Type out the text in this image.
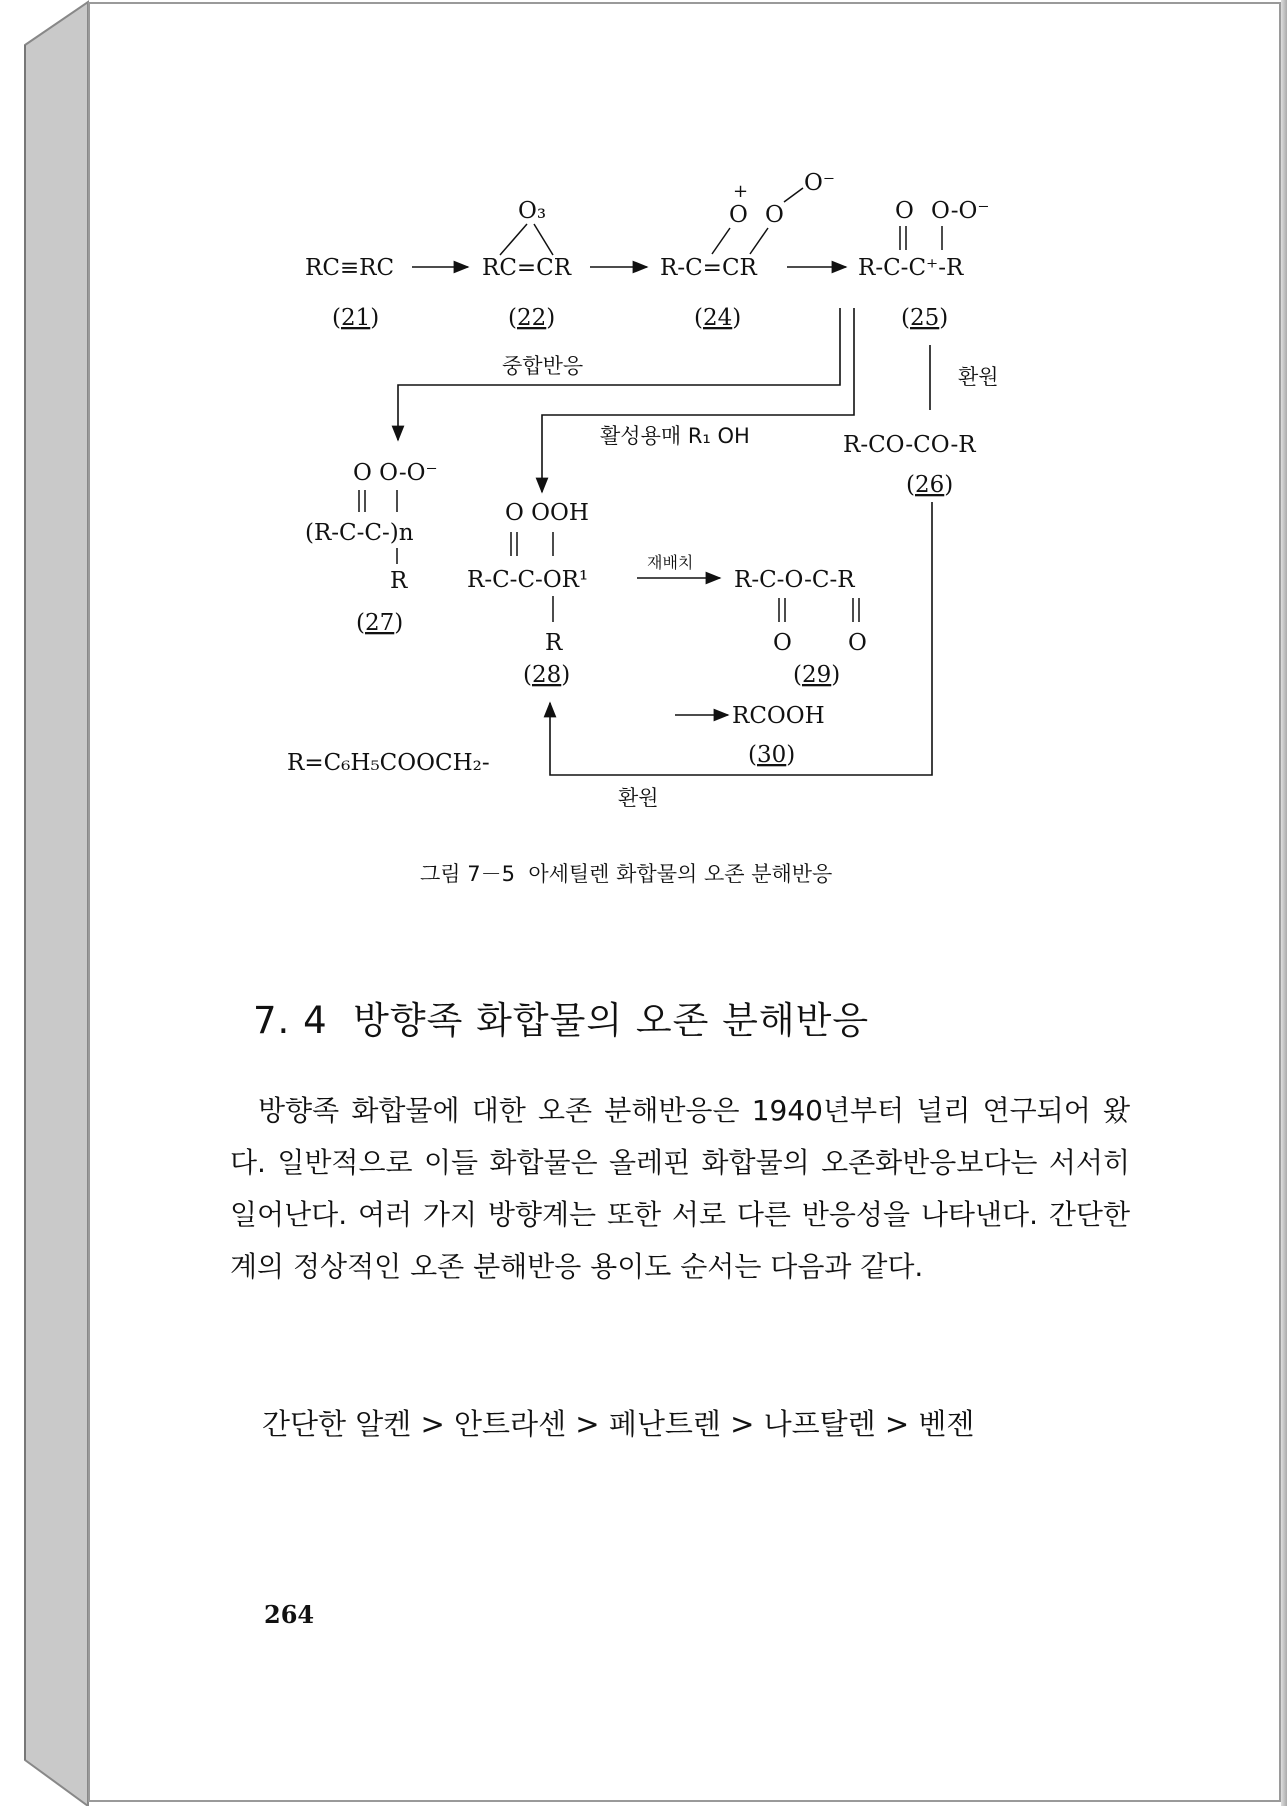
RC≡RC
(21)
O₃
RC=CR
(22)
+
O O
O⁻
R-C=CR
(24)
O O-O⁻
R-C-C⁺-R
(25)
환원
R-CO-CO-R
(26)
중합반응
활성용매 R₁ OH
O O-O⁻
(R-C-C-)n
R
(27)
O OOH
R-C-C-OR¹
R
(28)
재배치
R-C-O-C-R
O O
(29)
RCOOH
(30)
R=C₆H₅COOCH₂-
환원
그림 7－5  아세틸렌 화합물의 오존 분해반응
7. 4  방향족 화합물의 오존 분해반응
방향족 화합물에 대한 오존 분해반응은 1940년부터 널리 연구되어 왔다. 일반적으로 이들 화합물은 올레핀 화합물의 오존화반응보다는 서서히 일어난다. 여러 가지 방향계는 또한 서로 다른 반응성을 나타낸다. 간단한 계의 정상적인 오존 분해반응 용이도 순서는 다음과 같다.
간단한 알켄 > 안트라센 > 페난트렌 > 나프탈렌 > 벤젠
264
